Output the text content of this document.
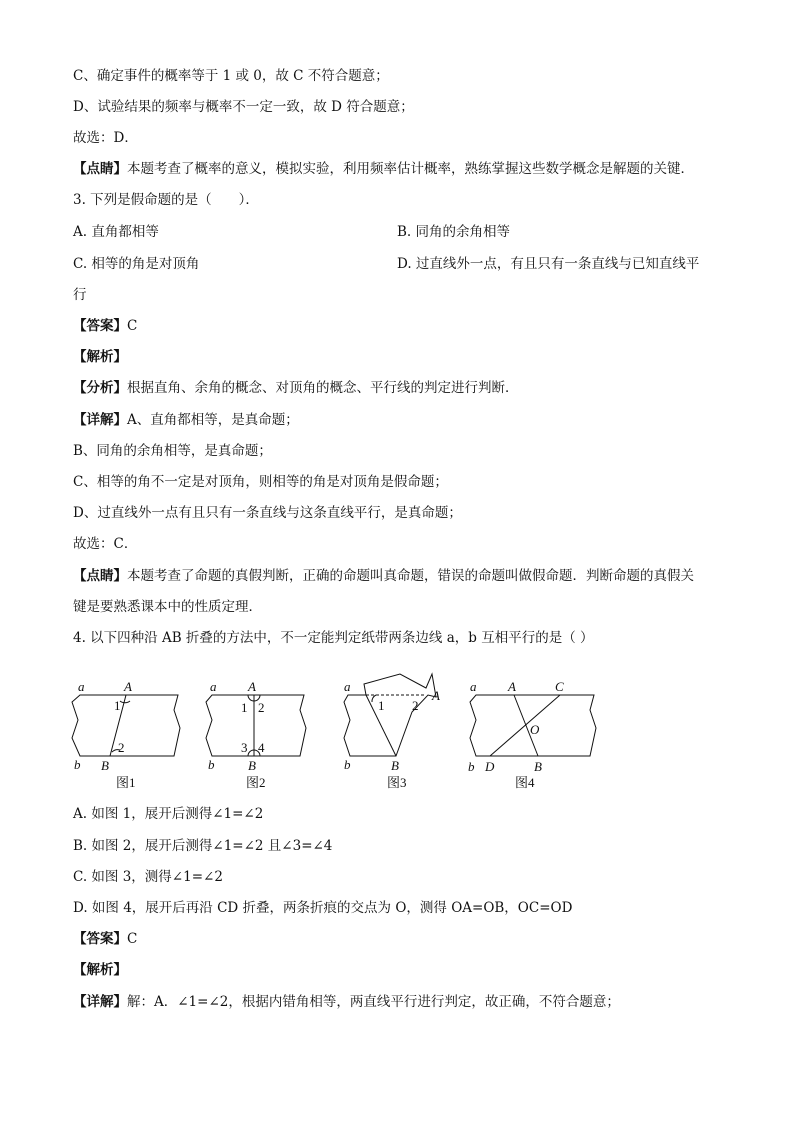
C、确定事件的概率等于 1 或 0，故 C 不符合题意；
D、试验结果的频率与概率不一定一致，故 D 符合题意；
故选：D．
【点睛】本题考查了概率的意义，模拟实验，利用频率估计概率，熟练掌握这些数学概念是解题的关键．
3. 下列是假命题的是（　　）．
A. 直角都相等	B. 同角的余角相等
C. 相等的角是对顶角	D. 过直线外一点，有且只有一条直线与已知直线平
行
【答案】C
【解析】
【分析】根据直角、余角的概念、对顶角的概念、平行线的判定进行判断．
【详解】A、直角都相等，是真命题；
B、同角的余角相等，是真命题；
C、相等的角不一定是对顶角，则相等的角是对顶角是假命题；
D、过直线外一点有且只有一条直线与这条直线平行，是真命题；
故选：C．
【点睛】本题考查了命题的真假判断，正确的命题叫真命题，错误的命题叫做假命题．判断命题的真假关
键是要熟悉课本中的性质定理．
4. 以下四种沿 AB 折叠的方法中，不一定能判定纸带两条边线 a，b 互相平行的是（ ）
a	A
1
2
b B
图1
a A
1 2
3 4
b	B
图2
a
A
1 2
b	B
图3
a A	C
O
b D	B
图4
A. 如图 1，展开后测得∠1=∠2
B. 如图 2，展开后测得∠1=∠2 且∠3=∠4
C. 如图 3，测得∠1=∠2
D. 如图 4，展开后再沿 CD 折叠，两条折痕的交点为 O，测得 OA=OB，OC=OD
【答案】C
【解析】
【详解】解：A．∠1=∠2，根据内错角相等，两直线平行进行判定，故正确，不符合题意；
